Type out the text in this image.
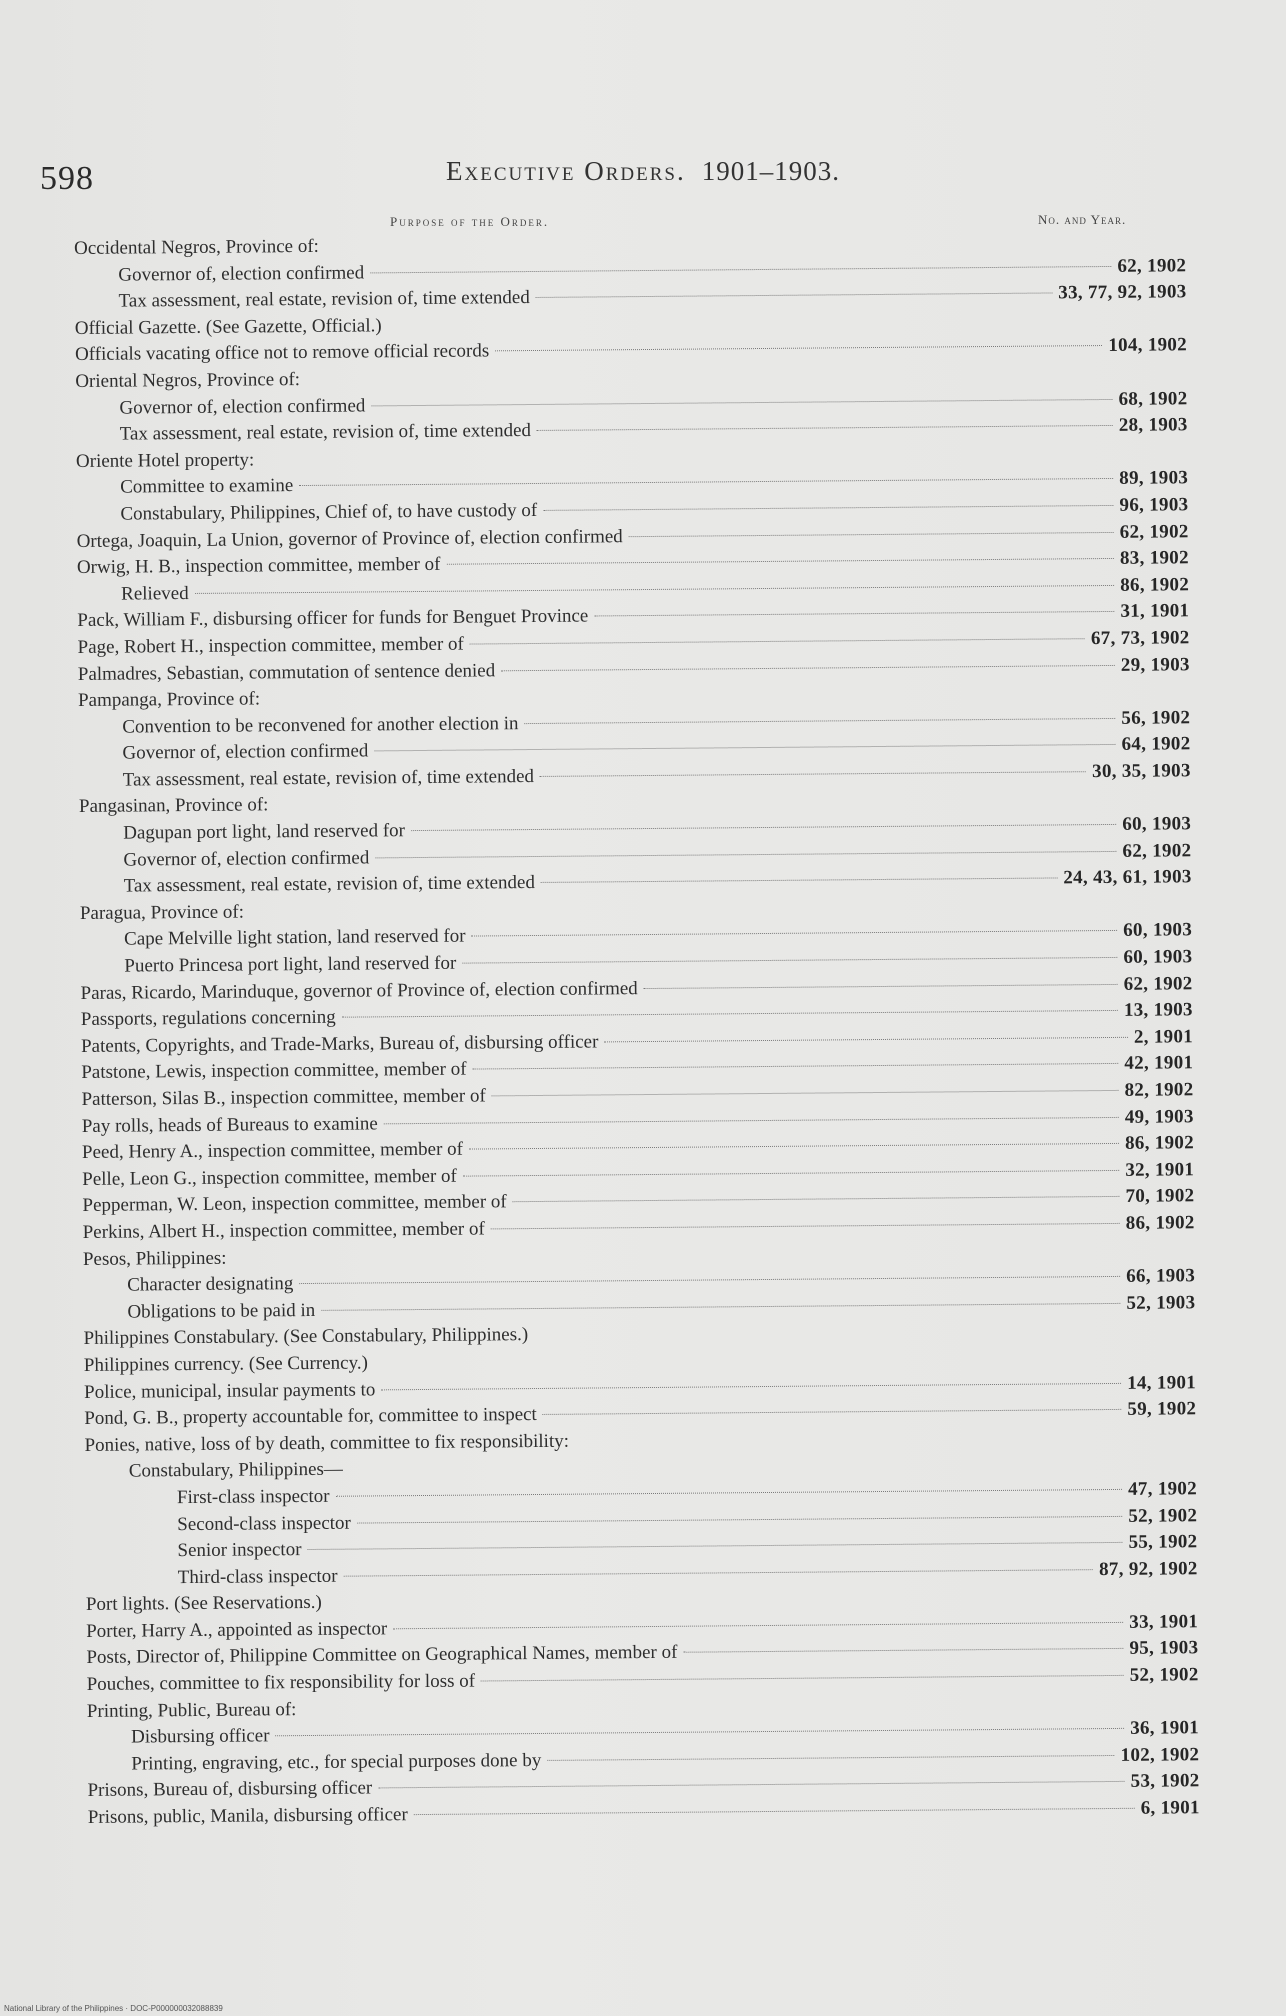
598	Executive Orders. 1901–1903.
Purpose of the Order.	No. and Year.
Occidental Negros, Province of:
Governor of, election confirmed	62, 1902
Tax assessment, real estate, revision of, time extended	33, 77, 92, 1903
Official Gazette. (See Gazette, Official.)
Officials vacating office not to remove official records	104, 1902
Oriental Negros, Province of:
Governor of, election confirmed	68, 1902
Tax assessment, real estate, revision of, time extended	28, 1903
Oriente Hotel property:
Committee to examine	89, 1903
Constabulary, Philippines, Chief of, to have custody of	96, 1903
Ortega, Joaquin, La Union, governor of Province of, election confirmed	62, 1902
Orwig, H. B., inspection committee, member of	83, 1902
Relieved	86, 1902
Pack, William F., disbursing officer for funds for Benguet Province	31, 1901
Page, Robert H., inspection committee, member of	67, 73, 1902
Palmadres, Sebastian, commutation of sentence denied	29, 1903
Pampanga, Province of:
Convention to be reconvened for another election in	56, 1902
Governor of, election confirmed	64, 1902
Tax assessment, real estate, revision of, time extended	30, 35, 1903
Pangasinan, Province of:
Dagupan port light, land reserved for	60, 1903
Governor of, election confirmed	62, 1902
Tax assessment, real estate, revision of, time extended	24, 43, 61, 1903
Paragua, Province of:
Cape Melville light station, land reserved for	60, 1903
Puerto Princesa port light, land reserved for	60, 1903
Paras, Ricardo, Marinduque, governor of Province of, election confirmed	62, 1902
Passports, regulations concerning	13, 1903
Patents, Copyrights, and Trade-Marks, Bureau of, disbursing officer	2, 1901
Patstone, Lewis, inspection committee, member of	42, 1901
Patterson, Silas B., inspection committee, member of	82, 1902
Pay rolls, heads of Bureaus to examine	49, 1903
Peed, Henry A., inspection committee, member of	86, 1902
Pelle, Leon G., inspection committee, member of	32, 1901
Pepperman, W. Leon, inspection committee, member of	70, 1902
Perkins, Albert H., inspection committee, member of	86, 1902
Pesos, Philippines:
Character designating	66, 1903
Obligations to be paid in	52, 1903
Philippines Constabulary. (See Constabulary, Philippines.)
Philippines currency. (See Currency.)
Police, municipal, insular payments to	14, 1901
Pond, G. B., property accountable for, committee to inspect	59, 1902
Ponies, native, loss of by death, committee to fix responsibility:
Constabulary, Philippines—
First-class inspector	47, 1902
Second-class inspector	52, 1902
Senior inspector	55, 1902
Third-class inspector	87, 92, 1902
Port lights. (See Reservations.)
Porter, Harry A., appointed as inspector	33, 1901
Posts, Director of, Philippine Committee on Geographical Names, member of	95, 1903
Pouches, committee to fix responsibility for loss of	52, 1902
Printing, Public, Bureau of:
Disbursing officer	36, 1901
Printing, engraving, etc., for special purposes done by	102, 1902
Prisons, Bureau of, disbursing officer	53, 1902
Prisons, public, Manila, disbursing officer	6, 1901
National Library of the Philippines · DOC-P000000032088839
